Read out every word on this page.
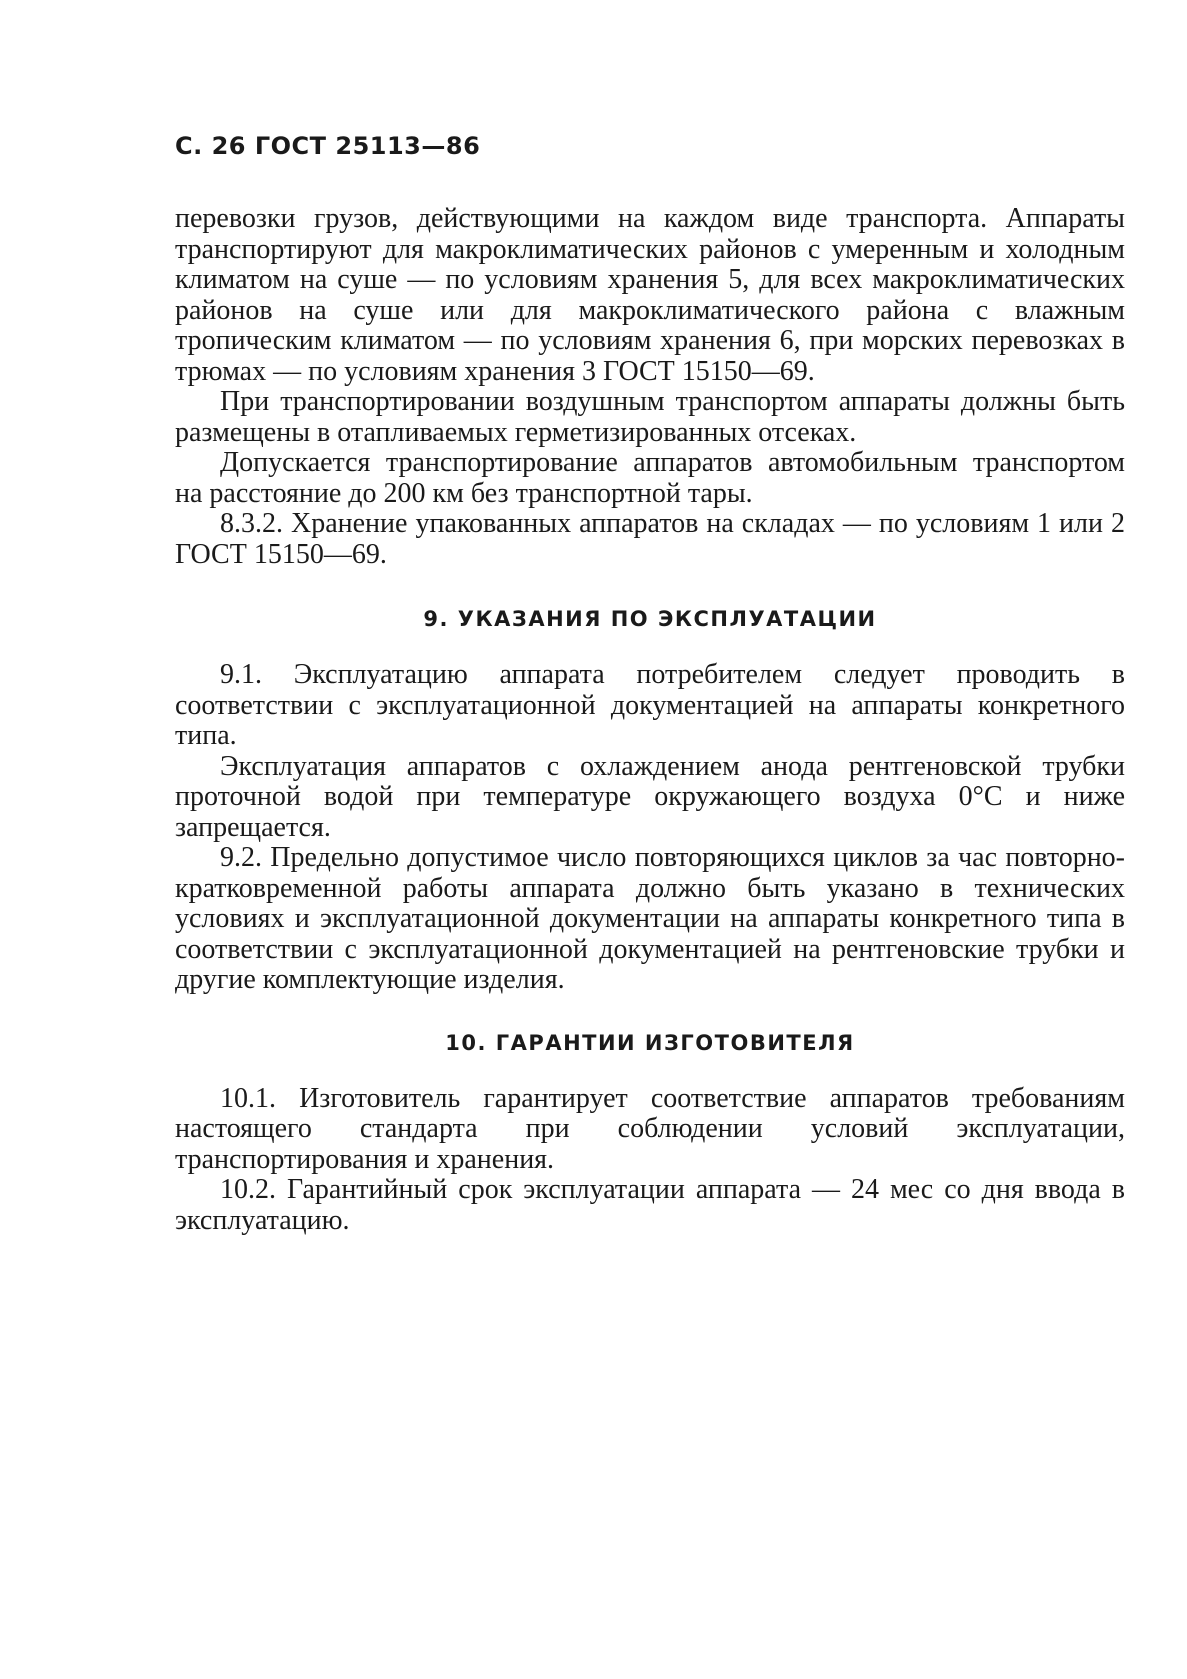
С. 26 ГОСТ 25113—86

перевозки грузов, действующими на каждом виде транспорта. Аппараты транспортируют для макроклиматических районов с умеренным и холодным климатом на суше — по условиям хранения 5, для всех макроклиматических районов на суше или для макроклиматического района с влажным тропическим климатом — по условиям хранения 6, при морских перевозках в трюмах — по условиям хранения 3 ГОСТ 15150—69.

При транспортировании воздушным транспортом аппараты должны быть размещены в отапливаемых герметизированных отсеках.

Допускается транспортирование аппаратов автомобильным транспортом на расстояние до 200 км без транспортной тары.

8.3.2. Хранение упакованных аппаратов на складах — по условиям 1 или 2 ГОСТ 15150—69.

9. УКАЗАНИЯ ПО ЭКСПЛУАТАЦИИ

9.1. Эксплуатацию аппарата потребителем следует проводить в соответствии с эксплуатационной документацией на аппараты конкретного типа.

Эксплуатация аппаратов с охлаждением анода рентгеновской трубки проточной водой при температуре окружающего воздуха 0°С и ниже запрещается.

9.2. Предельно допустимое число повторяющихся циклов за час повторно-кратковременной работы аппарата должно быть указано в технических условиях и эксплуатационной документации на аппараты конкретного типа в соответствии с эксплуатационной документацией на рентгеновские трубки и другие комплектующие изделия.

10. ГАРАНТИИ ИЗГОТОВИТЕЛЯ

10.1. Изготовитель гарантирует соответствие аппаратов требованиям настоящего стандарта при соблюдении условий эксплуатации, транспортирования и хранения.

10.2. Гарантийный срок эксплуатации аппарата — 24 мес со дня ввода в эксплуатацию.
